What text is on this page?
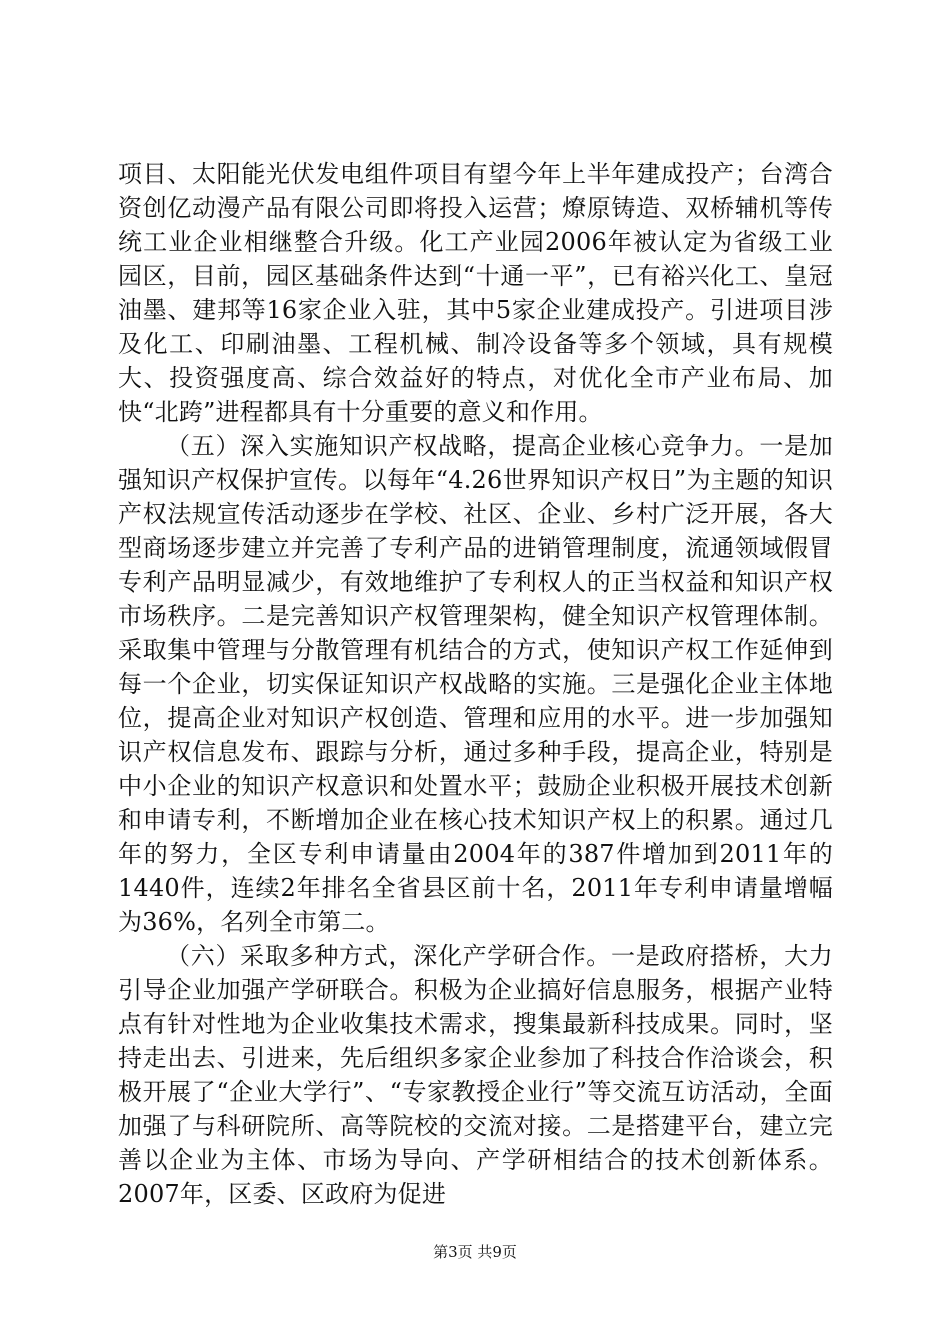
项目、太阳能光伏发电组件项目有望今年上半年建成投产；台湾合资创亿动漫产品有限公司即将投入运营；燎原铸造、双桥辅机等传统工业企业相继整合升级。化工产业园2006年被认定为省级工业园区，目前，园区基础条件达到“十通一平”，已有裕兴化工、皇冠油墨、建邦等16家企业入驻，其中5家企业建成投产。引进项目涉及化工、印刷油墨、工程机械、制冷设备等多个领域，具有规模大、投资强度高、综合效益好的特点，对优化全市产业布局、加快“北跨”进程都具有十分重要的意义和作用。

（五）深入实施知识产权战略，提高企业核心竞争力。一是加强知识产权保护宣传。以每年“4.26世界知识产权日”为主题的知识产权法规宣传活动逐步在学校、社区、企业、乡村广泛开展，各大型商场逐步建立并完善了专利产品的进销管理制度，流通领域假冒专利产品明显减少，有效地维护了专利权人的正当权益和知识产权市场秩序。二是完善知识产权管理架构，健全知识产权管理体制。采取集中管理与分散管理有机结合的方式，使知识产权工作延伸到每一个企业，切实保证知识产权战略的实施。三是强化企业主体地位，提高企业对知识产权创造、管理和应用的水平。进一步加强知识产权信息发布、跟踪与分析，通过多种手段，提高企业，特别是中小企业的知识产权意识和处置水平；鼓励企业积极开展技术创新和申请专利，不断增加企业在核心技术知识产权上的积累。通过几年的努力，全区专利申请量由2004年的387件增加到2011年的1440件，连续2年排名全省县区前十名，2011年专利申请量增幅为36%，名列全市第二。

（六）采取多种方式，深化产学研合作。一是政府搭桥，大力引导企业加强产学研联合。积极为企业搞好信息服务，根据产业特点有针对性地为企业收集技术需求，搜集最新科技成果。同时，坚持走出去、引进来，先后组织多家企业参加了科技合作洽谈会，积极开展了“企业大学行”、“专家教授企业行”等交流互访活动，全面加强了与科研院所、高等院校的交流对接。二是搭建平台，建立完善以企业为主体、市场为导向、产学研相结合的技术创新体系。2007年，区委、区政府为促进

第3页 共9页
